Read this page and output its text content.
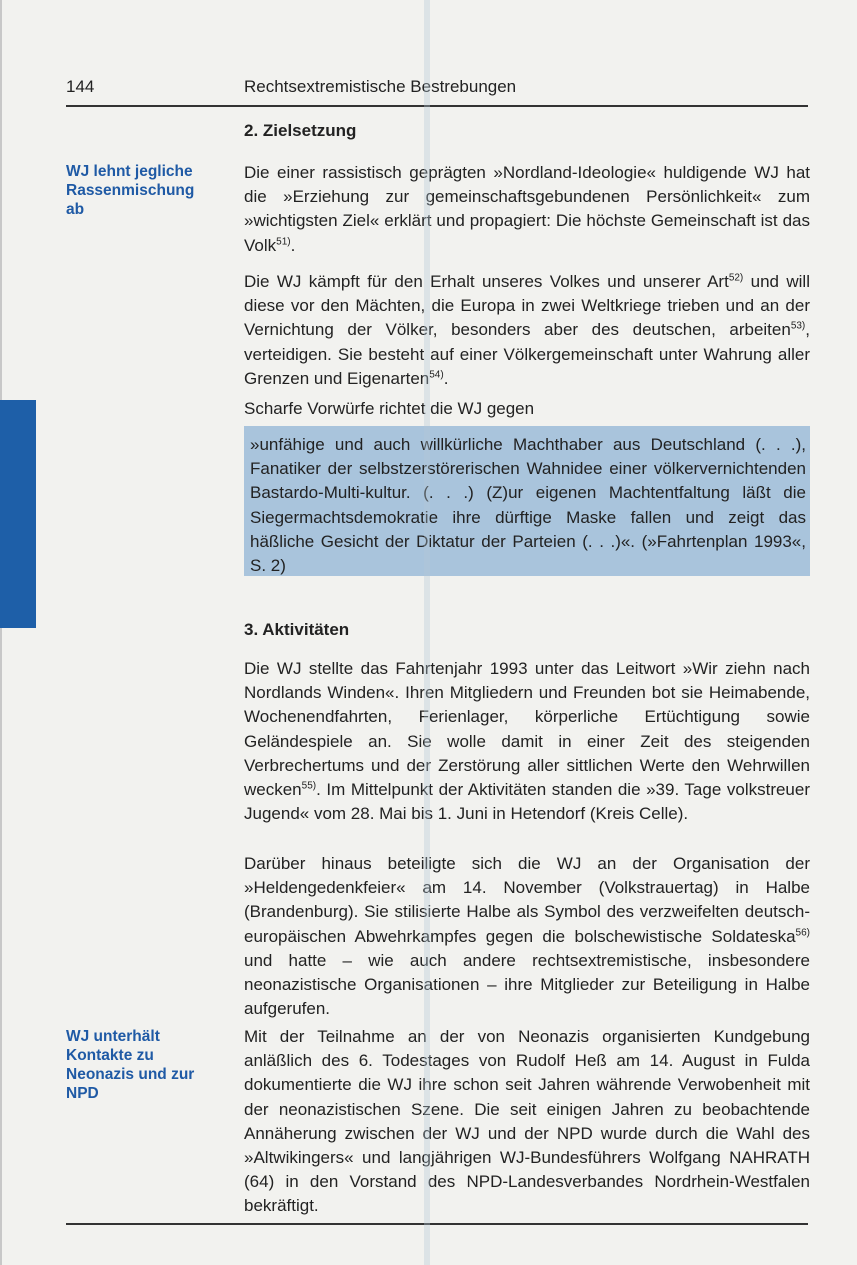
144	Rechtsextremistische Bestrebungen
WJ lehnt jegliche Rassenmischung ab
WJ unterhält Kontakte zu Neonazis und zur NPD
2. Zielsetzung
Die einer rassistisch geprägten »Nordland-Ideologie« huldigende WJ hat die »Erziehung zur gemeinschaftsgebundenen Persönlichkeit« zum »wichtigsten Ziel« erklärt und propagiert: Die höchste Gemeinschaft ist das Volk$^{51)}$.
Die WJ kämpft für den Erhalt unseres Volkes und unserer Art$^{52)}$ und will diese vor den Mächten, die Europa in zwei Weltkriege trieben und an der Vernichtung der Völker, besonders aber des deutschen, arbeiten$^{53)}$, verteidigen. Sie besteht auf einer Völkergemeinschaft unter Wahrung aller Grenzen und Eigenarten$^{54)}$.
Scharfe Vorwürfe richtet die WJ gegen
»unfähige und auch willkürliche Machthaber aus Deutschland (. . .), Fanatiker der selbstzerstörerischen Wahnidee einer völkervernichtenden Bastardo-Multi-kultur. (. . .) (Z)ur eigenen Machtentfaltung läßt die Siegermachtsdemokratie ihre dürftige Maske fallen und zeigt das häßliche Gesicht der Diktatur der Parteien (. . .)«. (»Fahrtenplan 1993«, S. 2)
3. Aktivitäten
Die WJ stellte das Fahrtenjahr 1993 unter das Leitwort »Wir ziehn nach Nordlands Winden«. Ihren Mitgliedern und Freunden bot sie Heimabende, Wochenendfahrten, Ferienlager, körperliche Ertüchtigung sowie Geländespiele an. Sie wolle damit in einer Zeit des steigenden Verbrechertums und der Zerstörung aller sittlichen Werte den Wehrwillen wecken$^{55)}$. Im Mittelpunkt der Aktivitäten standen die »39. Tage volkstreuer Jugend« vom 28. Mai bis 1. Juni in Hetendorf (Kreis Celle).
Darüber hinaus beteiligte sich die WJ an der Organisation der »Heldengedenkfeier« am 14. November (Volkstrauertag) in Halbe (Brandenburg). Sie stilisierte Halbe als Symbol des verzweifelten deutsch-europäischen Abwehrkampfes gegen die bolschewistische Soldateska$^{56)}$ und hatte – wie auch andere rechtsextremistische, insbesondere neonazistische Organisationen – ihre Mitglieder zur Beteiligung in Halbe aufgerufen.
Mit der Teilnahme an der von Neonazis organisierten Kundgebung anläßlich des 6. Todestages von Rudolf Heß am 14. August in Fulda dokumentierte die WJ ihre schon seit Jahren währende Verwobenheit mit der neonazistischen Szene. Die seit einigen Jahren zu beobachtende Annäherung zwischen der WJ und der NPD wurde durch die Wahl des »Altwikingers« und langjährigen WJ-Bundesführers Wolfgang NAHRATH (64) in den Vorstand des NPD-Landesverbandes Nordrhein-Westfalen bekräftigt.
